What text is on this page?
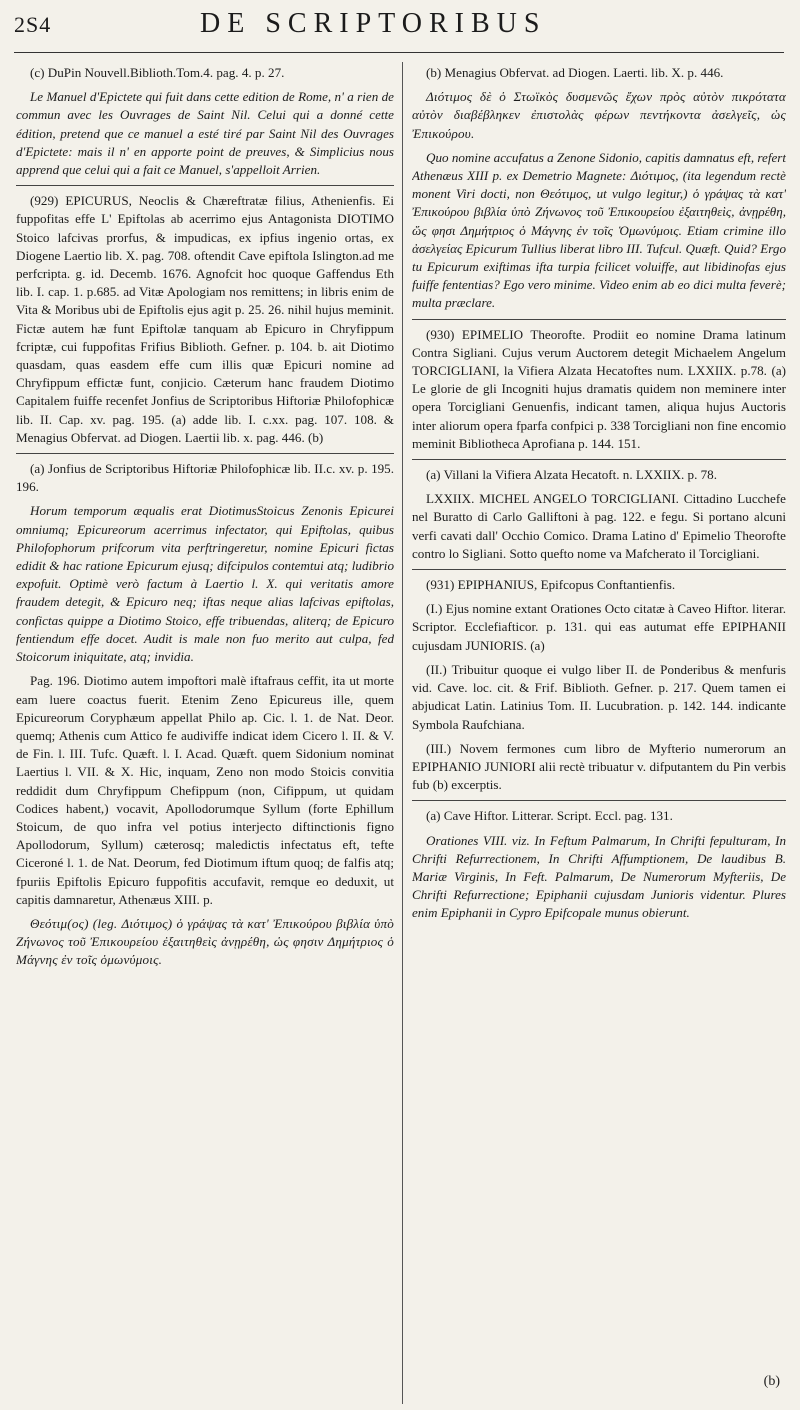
2S4	DE SCRIPTORIBUS

(c) DuPin Nouvell.Biblioth.Tom.4. pag. 4. p. 27.

Le Manuel d'Epictete qui fuit dans cette edition de Rome, n' a rien de commun avec les Ouvrages de Saint Nil. Celui qui a donné cette édition, pretend que ce manuel a esté tiré par Saint Nil des Ouvrages d'Epictete: mais il n' en apporte point de preuves, & Simplicius nous apprend que celui qui a fait ce Manuel, s'appelloit Arrien.

(929) EPICURUS, Neoclis & Chæreftratæ filius, Athenienfis. Ei fuppofitas effe L' Epiftolas ab acerrimo ejus Antagonista DIOTIMO Stoico lafcivas prorfus, & impudicas, ex ipfius ingenio ortas, ex Diogene Laertio lib. X. pag. 708. oftendit Cave epiftola Islington.ad me perfcripta. g. id. Decemb. 1676. Agnofcit hoc quoque Gaffendus Eth lib. I. cap. 1. p.685. ad Vitæ Apologiam nos remittens; in libris enim de Vita & Moribus ubi de Epiftolis ejus agit p. 25. 26. nihil hujus meminit. Fictæ autem hæ funt Epiftolæ tanquam ab Epicuro in Chryfippum fcriptæ, cui fuppofitas Frifius Biblioth. Gefner. p. 104. b. ait Diotimo quasdam, quas easdem effe cum illis quæ Epicuri nomine ad Chryfippum effictæ funt, conjicio. Cæterum hanc fraudem Diotimo Capitalem fuiffe recenfet Jonfius de Scriptoribus Hiftoriæ Philofophicæ lib. II. Cap. xv. pag. 195. (a) adde lib. I. c.xx. pag. 107. 108. & Menagius Obfervat. ad Diogen. Laertii lib. x. pag. 446. (b)

(a) Jonfius de Scriptoribus Hiftoriæ Philofophicæ lib. II.c. xv. p. 195. 196.

Horum temporum æqualis erat DiotimusStoicus Zenonis Epicurei omniumq; Epicureorum acerrimus infectator, qui Epiftolas, quibus Philofophorum prifcorum vita perftringeretur, nomine Epicuri fictas edidit & hac ratione Epicurum ejusq; difcipulos contemtui atq; ludibrio expofuit. Optimè verò factum à Laertio l. X. qui veritatis amore fraudem detegit, & Epicuro neq; iftas neque alias lafcivas epiftolas, confictas quippe a Diotimo Stoico, effe tribuendas, aliterq; de Epicuro fentiendum effe docet. Audit is male non fuo merito aut culpa, fed Stoicorum iniquitate, atq; invidia.

Pag. 196. Diotimo autem impoftori malè iftafraus ceffit, ita ut morte eam luere coactus fuerit. Etenim Zeno Epicureus ille, quem Epicureorum Coryphæum appellat Philo ap. Cic. l. 1. de Nat. Deor. quemq; Athenis cum Attico fe audiviffe indicat idem Cicero l. II. & V. de Fin. l. III. Tufc. Quæft. l. I. Acad. Quæft. quem Sidonium nominat Laertius l. VII. & X. Hic, inquam, Zeno non modo Stoicis convitia reddidit dum Chryfippum Chefippum (non, Cifippum, ut quidam Codices habent,) vocavit, Apollodorumque Syllum (forte Ephillum Stoicum, de quo infra vel potius interjecto diftinctionis figno Apollodorum, Syllum) cæterosq; maledictis infectatus eft, tefte Ciceroné l. 1. de Nat. Deorum, fed Diotimum iftum quoq; de falfis atq; fpuriis Epiftolis Epicuro fuppofitis accufavit, remque eo deduxit, ut capitis damnaretur, Athenæus XIII. p.

Θεότιμ(ος) (leg. Διότιμος) ὁ γράψας τὰ κατ' Ἐπικούρου βιβλία ὑπὸ Ζήνωνος τοῦ Ἐπικουρείου ἐξαιτηθεὶς ἀνῃρέθη, ὡς φησιν Δημήτριος ὁ Μάγνης ἐν τοῖς ὁμωνύμοις.

(b) Menagius Obfervat. ad Diogen. Laerti. lib. X. p. 446.

Διότιμος δὲ ὁ Στωϊκὸς δυσμενῶς ἔχων πρὸς αὐτὸν πικρότατα αὐτὸν διαβέβληκεν ἐπιστολὰς φέρων πεντήκοντα ἀσελγεῖς, ὡς Ἐπικούρου.

Quo nomine accufatus a Zenone Sidonio, capitis damnatus eft, refert Athenæus XIII p. ex Demetrio Magnete: Διότιμος, (ita legendum rectè monent Viri docti, non Θεότιμος, ut vulgo legitur,) ὁ γράψας τὰ κατ' Ἐπικούρου βιβλία ὑπὸ Ζήνωνος τοῦ Ἐπικουρείου ἐξαιτηθεὶς, ἀνῃρέθη, ὥς φησι Δημήτριος ὁ Μάγνης ἐν τοῖς Ὁμωνύμοις. Etiam crimine illo ἀσελγείας Epicurum Tullius liberat libro III. Tufcul. Quæft. Quid? Ergo tu Epicurum exiftimas ifta turpia fcilicet voluiffe, aut libidinofas ejus fuiffe fententias? Ego vero minime. Video enim ab eo dici multa feverè; multa præclare.

(930) EPIMELIO Theorofte. Prodiit eo nomine Drama latinum Contra Sigliani. Cujus verum Auctorem detegit Michaelem Angelum TORCIGLIANI, la Vifiera Alzata Hecatoftes num. LXXIIX. p.78. (a) Le glorie de gli Incogniti hujus dramatis quidem non meminere inter opera Torcigliani Genuenfis, indicant tamen, aliqua hujus Auctoris inter aliorum opera fparfa confpici p. 338 Torcigliani non fine encomio meminit Bibliotheca Aprofiana p. 144. 151.

(a) Villani la Vifiera Alzata Hecatoft. n. LXXIIX. p. 78.

LXXIIX. MICHEL ANGELO TORCIGLIANI. Cittadino Lucchefe nel Buratto di Carlo Galliftoni à pag. 122. e fegu. Si portano alcuni verfi cavati dall' Occhio Comico. Drama Latino d' Epimelio Theorofte contro lo Sigliani. Sotto quefto nome va Mafcherato il Torcigliani.

(931) EPIPHANIUS, Epifcopus Conftantienfis.

(I.) Ejus nomine extant Orationes Octo citatæ à Caveo Hiftor. literar. Scriptor. Ecclefiafticor. p. 131. qui eas autumat effe EPIPHANII cujusdam JUNIORIS. (a)

(II.) Tribuitur quoque ei vulgo liber II. de Ponderibus & menfuris vid. Cave. loc. cit. & Frif. Biblioth. Gefner. p. 217. Quem tamen ei abjudicat Latin. Latinius Tom. II. Lucubration. p. 142. 144. indicante Symbola Raufchiana.

(III.) Novem fermones cum libro de Myfterio numerorum an EPIPHANIO JUNIORI alii rectè tribuatur v. difputantem du Pin verbis fub (b) excerptis.

(a) Cave Hiftor. Litterar. Script. Eccl. pag. 131.

Orationes VIII. viz. In Feftum Palmarum, In Chrifti fepulturam, In Chrifti Refurrectionem, In Chrifti Affumptionem, De laudibus B. Mariæ Virginis, In Feft. Palmarum, De Numerorum Myfteriis, De Chrifti Refurrectione; Epiphanii cujusdam Junioris videntur. Plures enim Epiphanii in Cypro Epifcopale munus obierunt.

(b)
